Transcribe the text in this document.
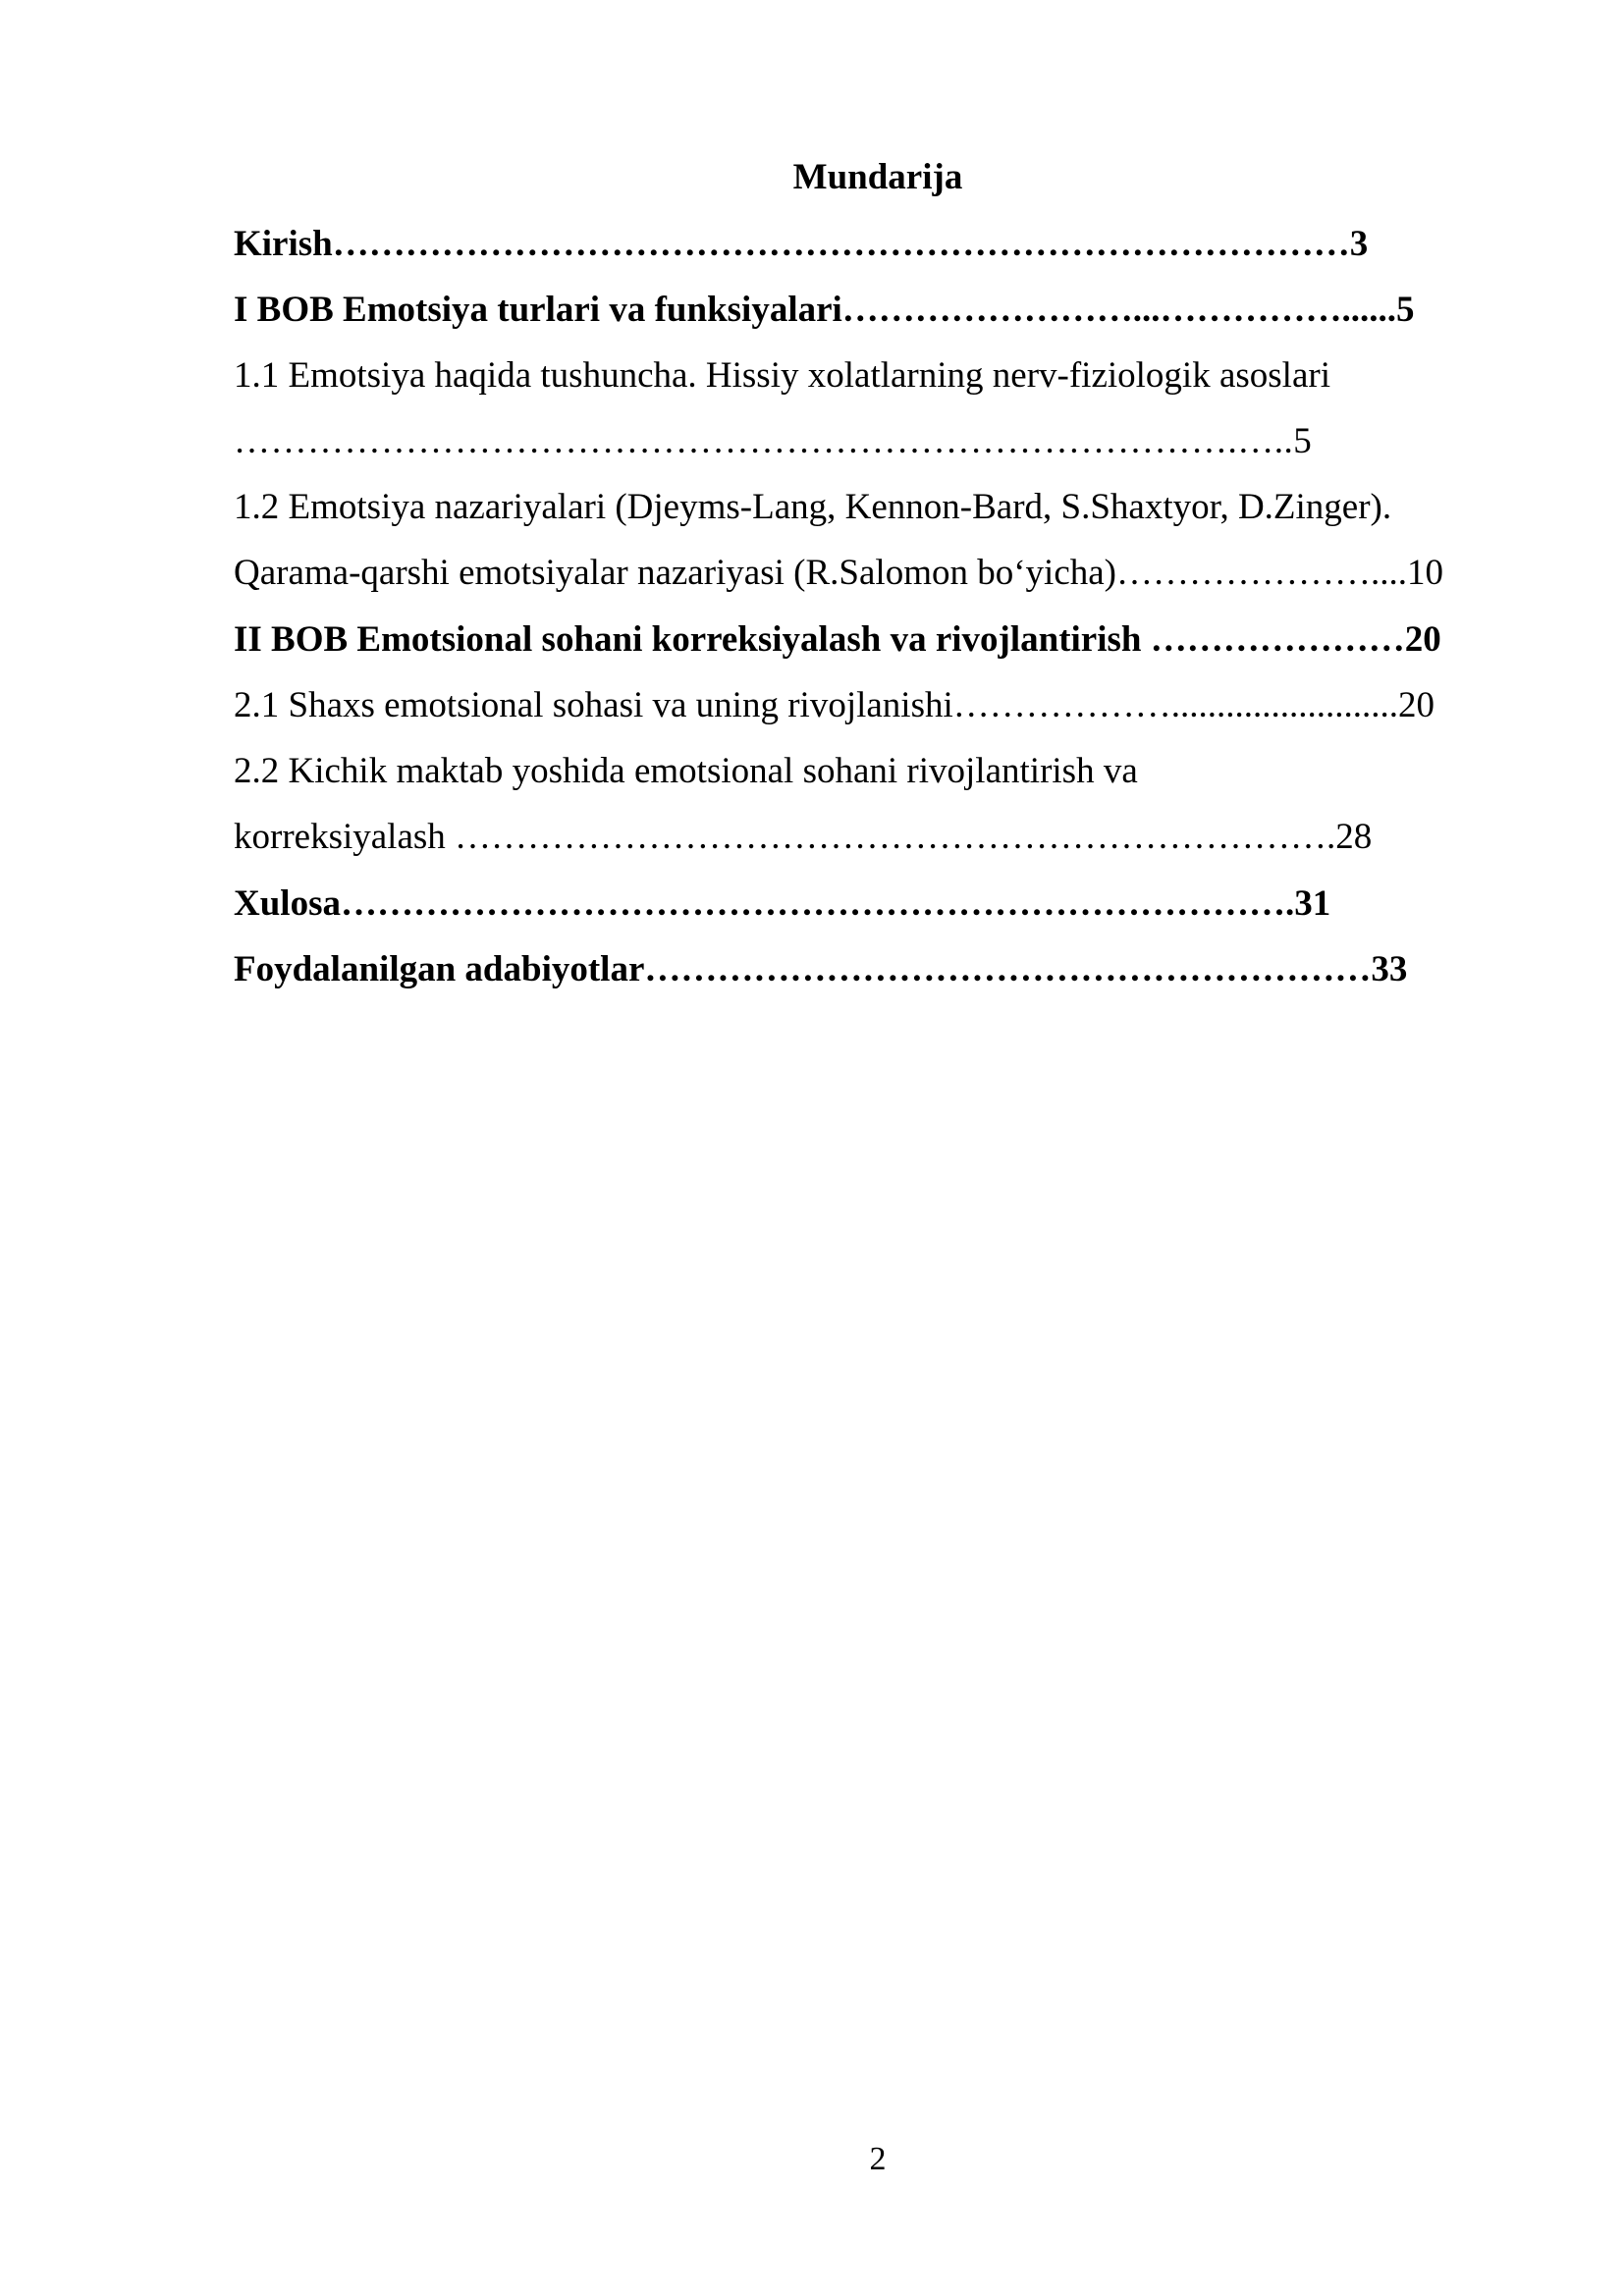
Mundarija
Kirish…………………………………………………………………………3
I BOB Emotsiya turlari va funksiyalari……………………...……………......5
1.1 Emotsiya haqida tushuncha. Hissiy xolatlarning nerv-fiziologik asoslari
……………………………………………………………………….…..5
1.2 Emotsiya nazariyalari (Djeyms-Lang, Kennon-Bard, S.Shaxtyor, D.Zinger).
Qarama-qarshi emotsiyalar nazariyasi (R.Salomon bo‘yicha)…………………....10
II BOB Emotsional sohani korreksiyalash va rivojlantirish …………………20
2.1 Shaxs emotsional sohasi va uning rivojlanishi……………….........................20
2.2 Kichik maktab yoshida emotsional sohani rivojlantirish va
korreksiyalash ……………………………………………………………….28
Xulosa…………………………………………………………………….31
Foydalanilgan adabiyotlar……………………………………………………33
2
